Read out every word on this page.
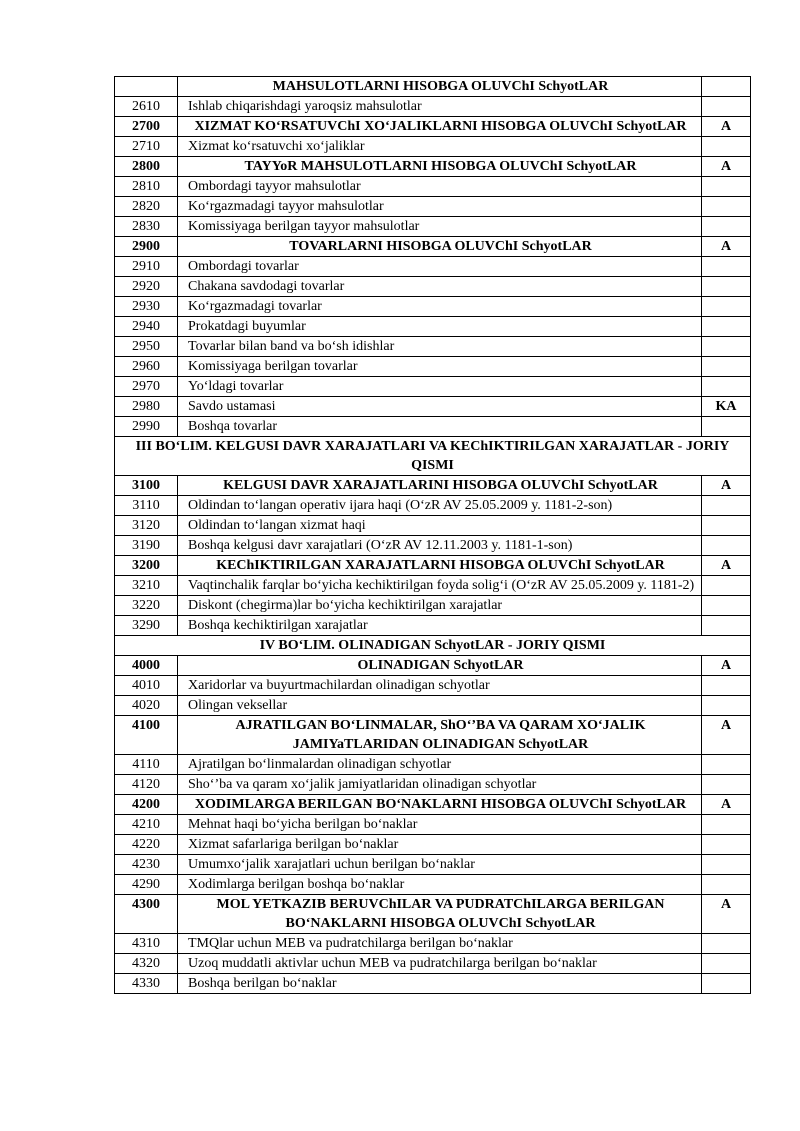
	MAHSULOTLARNI HISOBGA OLUVChI SchyotLAR	
2610	Ishlab chiqarishdagi yaroqsiz mahsulotlar	
2700	XIZMAT KO‘RSATUVChI XO‘JALIKLARNI HISOBGA OLUVChI SchyotLAR	A
2710	Xizmat ko‘rsatuvchi xo‘jaliklar	
2800	TAYYoR MAHSULOTLARNI HISOBGA OLUVChI SchyotLAR	A
2810	Ombordagi tayyor mahsulotlar	
2820	Ko‘rgazmadagi tayyor mahsulotlar	
2830	Komissiyaga berilgan tayyor mahsulotlar	
2900	TOVARLARNI HISOBGA OLUVChI SchyotLAR	A
2910	Ombordagi tovarlar	
2920	Chakana savdodagi tovarlar	
2930	Ko‘rgazmadagi tovarlar	
2940	Prokatdagi buyumlar	
2950	Tovarlar bilan band va bo‘sh idishlar	
2960	Komissiyaga berilgan tovarlar	
2970	Yo‘ldagi tovarlar	
2980	Savdo ustamasi	KA
2990	Boshqa tovarlar	
III BO‘LIM. KELGUSI DAVR XARAJATLARI VA KEChIKTIRILGAN XARAJATLAR - JORIY QISMI		
3100	KELGUSI DAVR XARAJATLARINI HISOBGA OLUVChI SchyotLAR	A
3110	Oldindan to‘langan operativ ijara haqi (O‘zR AV 25.05.2009 y. 1181-2-son)	
3120	Oldindan to‘langan xizmat haqi	
3190	Boshqa kelgusi davr xarajatlari (O‘zR AV 12.11.2003 y. 1181-1-son)	
3200	KEChIKTIRILGAN XARAJATLARNI HISOBGA OLUVChI SchyotLAR	A
3210	Vaqtinchalik farqlar bo‘yicha kechiktirilgan foyda solig‘i (O‘zR AV 25.05.2009 y. 1181-2)	
3220	Diskont (chegirma)lar bo‘yicha kechiktirilgan xarajatlar	
3290	Boshqa kechiktirilgan xarajatlar	
IV BO‘LIM. OLINADIGAN SchyotLAR - JORIY QISMI		
4000	OLINADIGAN SchyotLAR	A
4010	Xaridorlar va buyurtmachilardan olinadigan schyotlar	
4020	Olingan veksellar	
4100	AJRATILGAN BO‘LINMALAR, ShO‘’BA VA QARAM XO‘JALIK JAMIYaTLARIDAN OLINADIGAN SchyotLAR	A
4110	Ajratilgan bo‘linmalardan olinadigan schyotlar	
4120	Sho‘’ba va qaram xo‘jalik jamiyatlaridan olinadigan schyotlar	
4200	XODIMLARGA BERILGAN BO‘NAKLARNI HISOBGA OLUVChI SchyotLAR	A
4210	Mehnat haqi bo‘yicha berilgan bo‘naklar	
4220	Xizmat safarlariga berilgan bo‘naklar	
4230	Umumxo‘jalik xarajatlari uchun berilgan bo‘naklar	
4290	Xodimlarga berilgan boshqa bo‘naklar	
4300	MOL YETKAZIB BERUVChILAR VA PUDRATChILARGA BERILGAN BO‘NAKLARNI HISOBGA OLUVChI SchyotLAR	A
4310	TMQlar uchun MEB va pudratchilarga berilgan bo‘naklar	
4320	Uzoq muddatli aktivlar uchun MEB va pudratchilarga berilgan bo‘naklar	
4330	Boshqa berilgan bo‘naklar	
